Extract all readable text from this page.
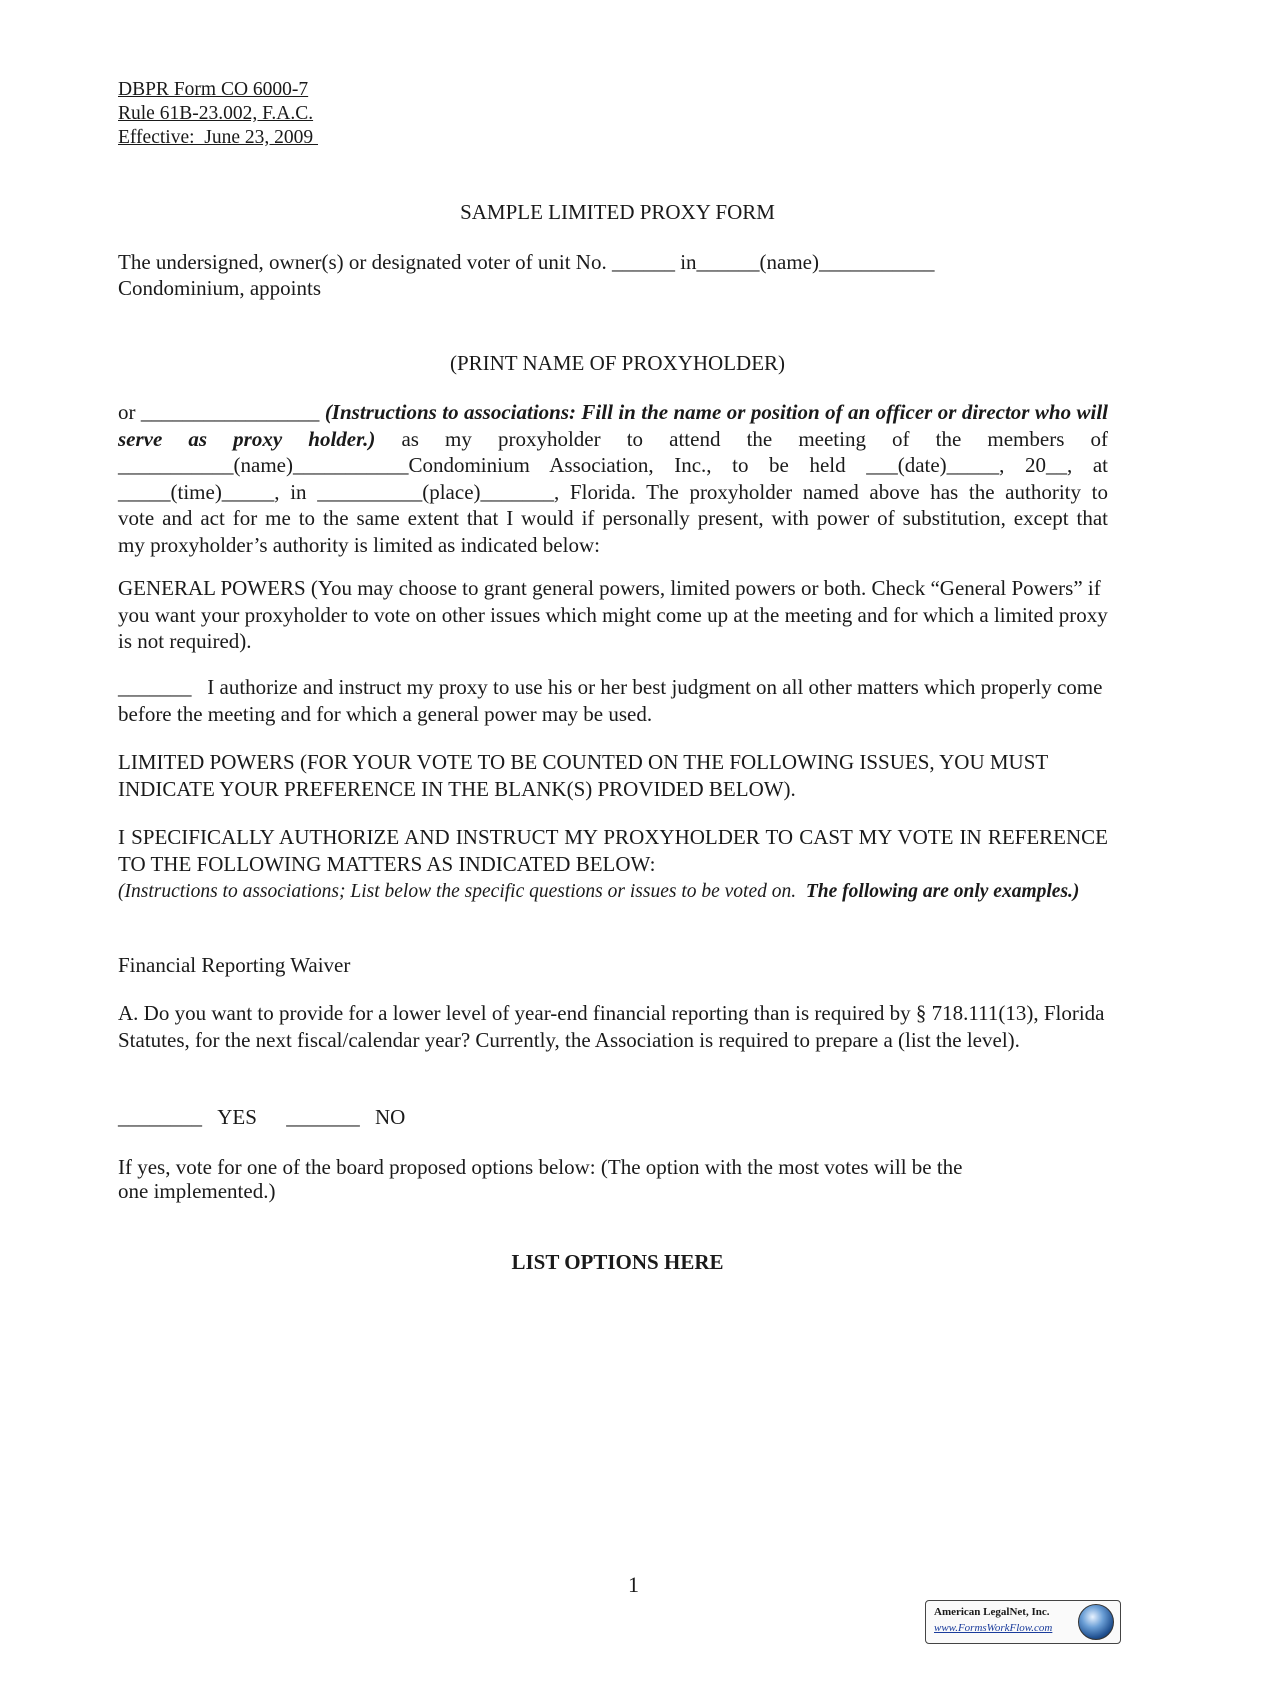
DBPR Form CO 6000-7
Rule 61B-23.002, F.A.C.
Effective:  June 23, 2009
SAMPLE LIMITED PROXY FORM
The undersigned, owner(s) or designated voter of unit No. ______ in______(name)___________
Condominium, appoints
(PRINT NAME OF PROXYHOLDER)
or _________________ (Instructions to associations: Fill in the name or position of an officer or director who will serve as proxy holder.) as my proxyholder to attend the meeting of the members of
___________(name)___________Condominium Association, Inc., to be held ___(date)_____, 20__, at
_____(time)_____, in __________(place)_______, Florida. The proxyholder named above has the authority to
vote and act for me to the same extent that I would if personally present, with power of substitution, except that
my proxyholder’s authority is limited as indicated below:
GENERAL POWERS (You may choose to grant general powers, limited powers or both. Check “General Powers” if you want your proxyholder to vote on other issues which might come up at the meeting and for which a limited proxy is not required).
_______   I authorize and instruct my proxy to use his or her best judgment on all other matters which properly come before the meeting and for which a general power may be used.
LIMITED POWERS (FOR YOUR VOTE TO BE COUNTED ON THE FOLLOWING ISSUES, YOU MUST INDICATE YOUR PREFERENCE IN THE BLANK(S) PROVIDED BELOW).
I SPECIFICALLY AUTHORIZE AND INSTRUCT MY PROXYHOLDER TO CAST MY VOTE IN REFERENCE TO THE FOLLOWING MATTERS AS INDICATED BELOW:
(Instructions to associations; List below the specific questions or issues to be voted on.  The following are only examples.)
Financial Reporting Waiver
A. Do you want to provide for a lower level of year-end financial reporting than is required by § 718.111(13), Florida Statutes, for the next fiscal/calendar year? Currently, the Association is required to prepare a (list the level).
________ YES _______ NO
If yes, vote for one of the board proposed options below: (The option with the most votes will be the
one implemented.)
LIST OPTIONS HERE
1
American LegalNet, Inc.
www.FormsWorkFlow.com
